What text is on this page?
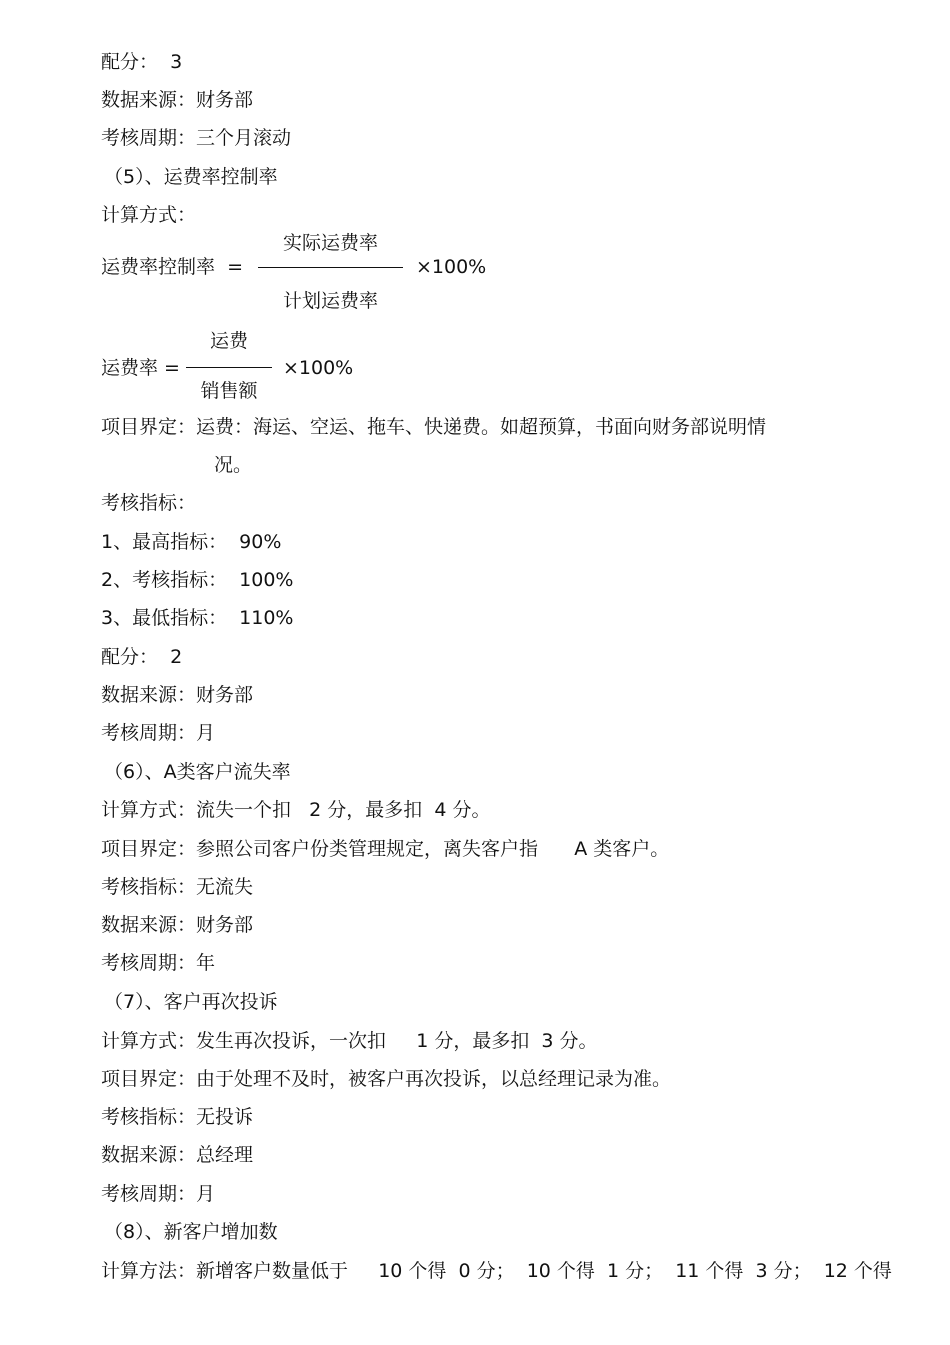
配分：  3
数据来源：财务部
考核周期：三个月滚动
（5）、运费率控制率
计算方式：
运费率控制率  =
实际运费率
计划运费率
×100%
运费率 =
运费
销售额
×100%
项目界定：运费：海运、空运、拖车、快递费。如超预算，书面向财务部说明情
况。
考核指标：
1、最高指标：  90%
2、考核指标：  100%
3、最低指标：  110%
配分：  2
数据来源：财务部
考核周期：月
（6）、A类客户流失率
计算方式：流失一个扣   2 分，最多扣  4 分。
项目界定：参照公司客户份类管理规定，离失客户指      A 类客户。
考核指标：无流失
数据来源：财务部
考核周期：年
（7）、客户再次投诉
计算方式：发生再次投诉，一次扣     1 分，最多扣  3 分。
项目界定：由于处理不及时，被客户再次投诉，以总经理记录为准。
考核指标：无投诉
数据来源：总经理
考核周期：月
（8）、新客户增加数
计算方法：新增客户数量低于     10 个得  0 分；  10 个得  1 分；  11 个得  3 分；  12 个得
